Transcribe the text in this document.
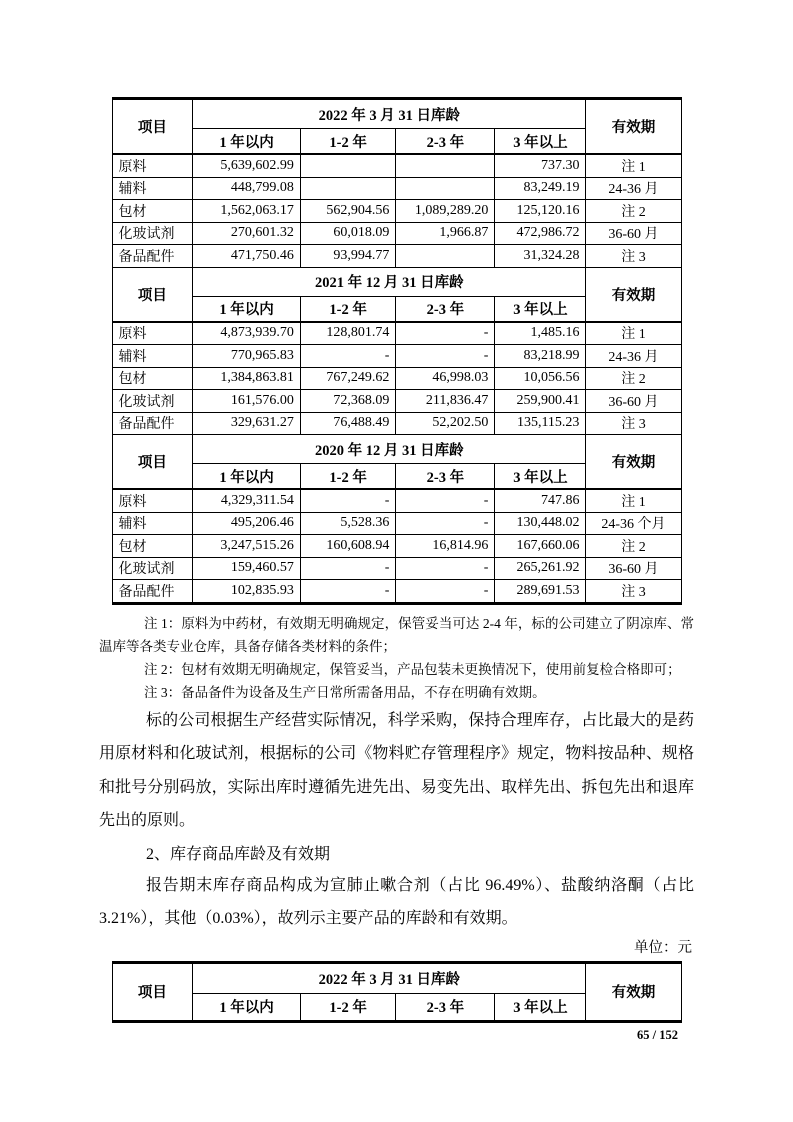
项目	2022 年 3 月 31 日库龄				有效期
	1 年以内	1-2 年	2-3 年	3 年以上	
原料	5,639,602.99			737.30	注 1
辅料	448,799.08			83,249.19	24-36 月
包材	1,562,063.17	562,904.56	1,089,289.20	125,120.16	注 2
化玻试剂	270,601.32	60,018.09	1,966.87	472,986.72	36-60 月
备品配件	471,750.46	93,994.77		31,324.28	注 3
项目	2021 年 12 月 31 日库龄				有效期
	1 年以内	1-2 年	2-3 年	3 年以上	
原料	4,873,939.70	128,801.74	-	1,485.16	注 1
辅料	770,965.83	-	-	83,218.99	24-36 月
包材	1,384,863.81	767,249.62	46,998.03	10,056.56	注 2
化玻试剂	161,576.00	72,368.09	211,836.47	259,900.41	36-60 月
备品配件	329,631.27	76,488.49	52,202.50	135,115.23	注 3
项目	2020 年 12 月 31 日库龄				有效期
	1 年以内	1-2 年	2-3 年	3 年以上	
原料	4,329,311.54	-	-	747.86	注 1
辅料	495,206.46	5,528.36	-	130,448.02	24-36 个月
包材	3,247,515.26	160,608.94	16,814.96	167,660.06	注 2
化玻试剂	159,460.57	-	-	265,261.92	36-60 月
备品配件	102,835.93	-	-	289,691.53	注 3

注 1：原料为中药材，有效期无明确规定，保管妥当可达 2-4 年，标的公司建立了阴凉库、常温库等各类专业仓库，具备存储各类材料的条件；

注 2：包材有效期无明确规定，保管妥当，产品包装未更换情况下，使用前复检合格即可；

注 3：备品备件为设备及生产日常所需备用品，不存在明确有效期。

标的公司根据生产经营实际情况，科学采购，保持合理库存，占比最大的是药用原材料和化玻试剂，根据标的公司《物料贮存管理程序》规定，物料按品种、规格和批号分别码放，实际出库时遵循先进先出、易变先出、取样先出、拆包先出和退库先出的原则。

2、库存商品库龄及有效期

报告期末库存商品构成为宣肺止嗽合剂（占比 96.49%）、盐酸纳洛酮（占比 3.21%），其他（0.03%），故列示主要产品的库龄和有效期。

单位：元
项目	2022 年 3 月 31 日库龄				有效期
	1 年以内	1-2 年	2-3 年	3 年以上	
65 / 152
